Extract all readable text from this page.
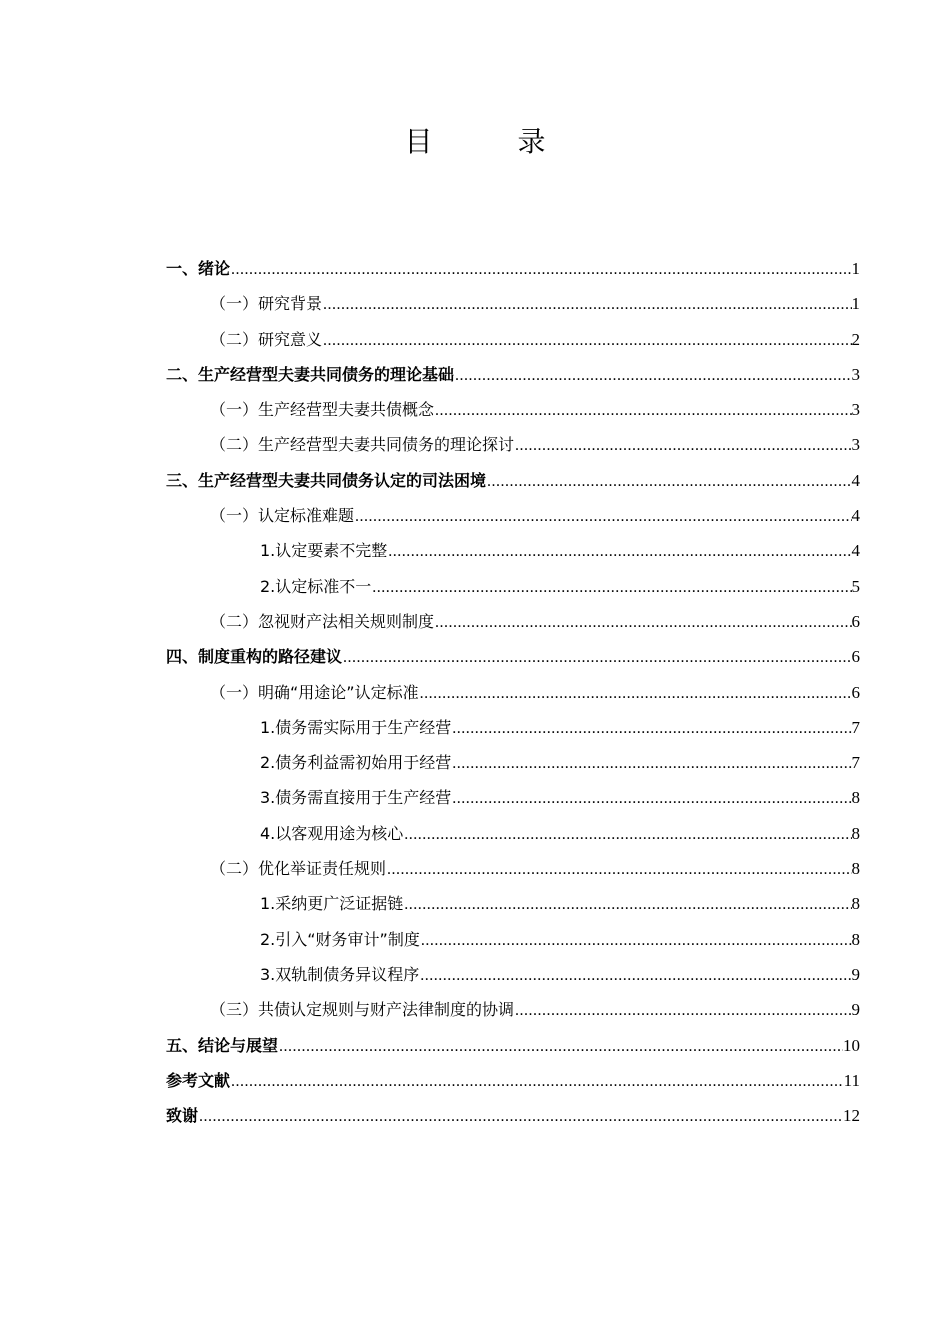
目 录
一、绪论 .....	1
（一）研究背景 .....	1
（二）研究意义 .....	2
二、生产经营型夫妻共同债务的理论基础 .....	3
（一）生产经营型夫妻共债概念 .....	3
（二）生产经营型夫妻共同债务的理论探讨 .....	3
三、生产经营型夫妻共同债务认定的司法困境 .....	4
（一）认定标准难题 .....	4
1.认定要素不完整 .....	4
2.认定标准不一 .....	5
（二）忽视财产法相关规则制度 .....	6
四、制度重构的路径建议 .....	6
（一）明确“用途论”认定标准 .....	6
1.债务需实际用于生产经营 .....	7
2.债务利益需初始用于经营 .....	7
3.债务需直接用于生产经营 .....	8
4.以客观用途为核心 .....	8
（二）优化举证责任规则 .....	8
1.采纳更广泛证据链 .....	8
2.引入“财务审计”制度 .....	8
3.双轨制债务异议程序 .....	9
（三）共债认定规则与财产法律制度的协调 .....	9
五、结论与展望 .....	10
参考文献 .....	11
致谢 .....	12
